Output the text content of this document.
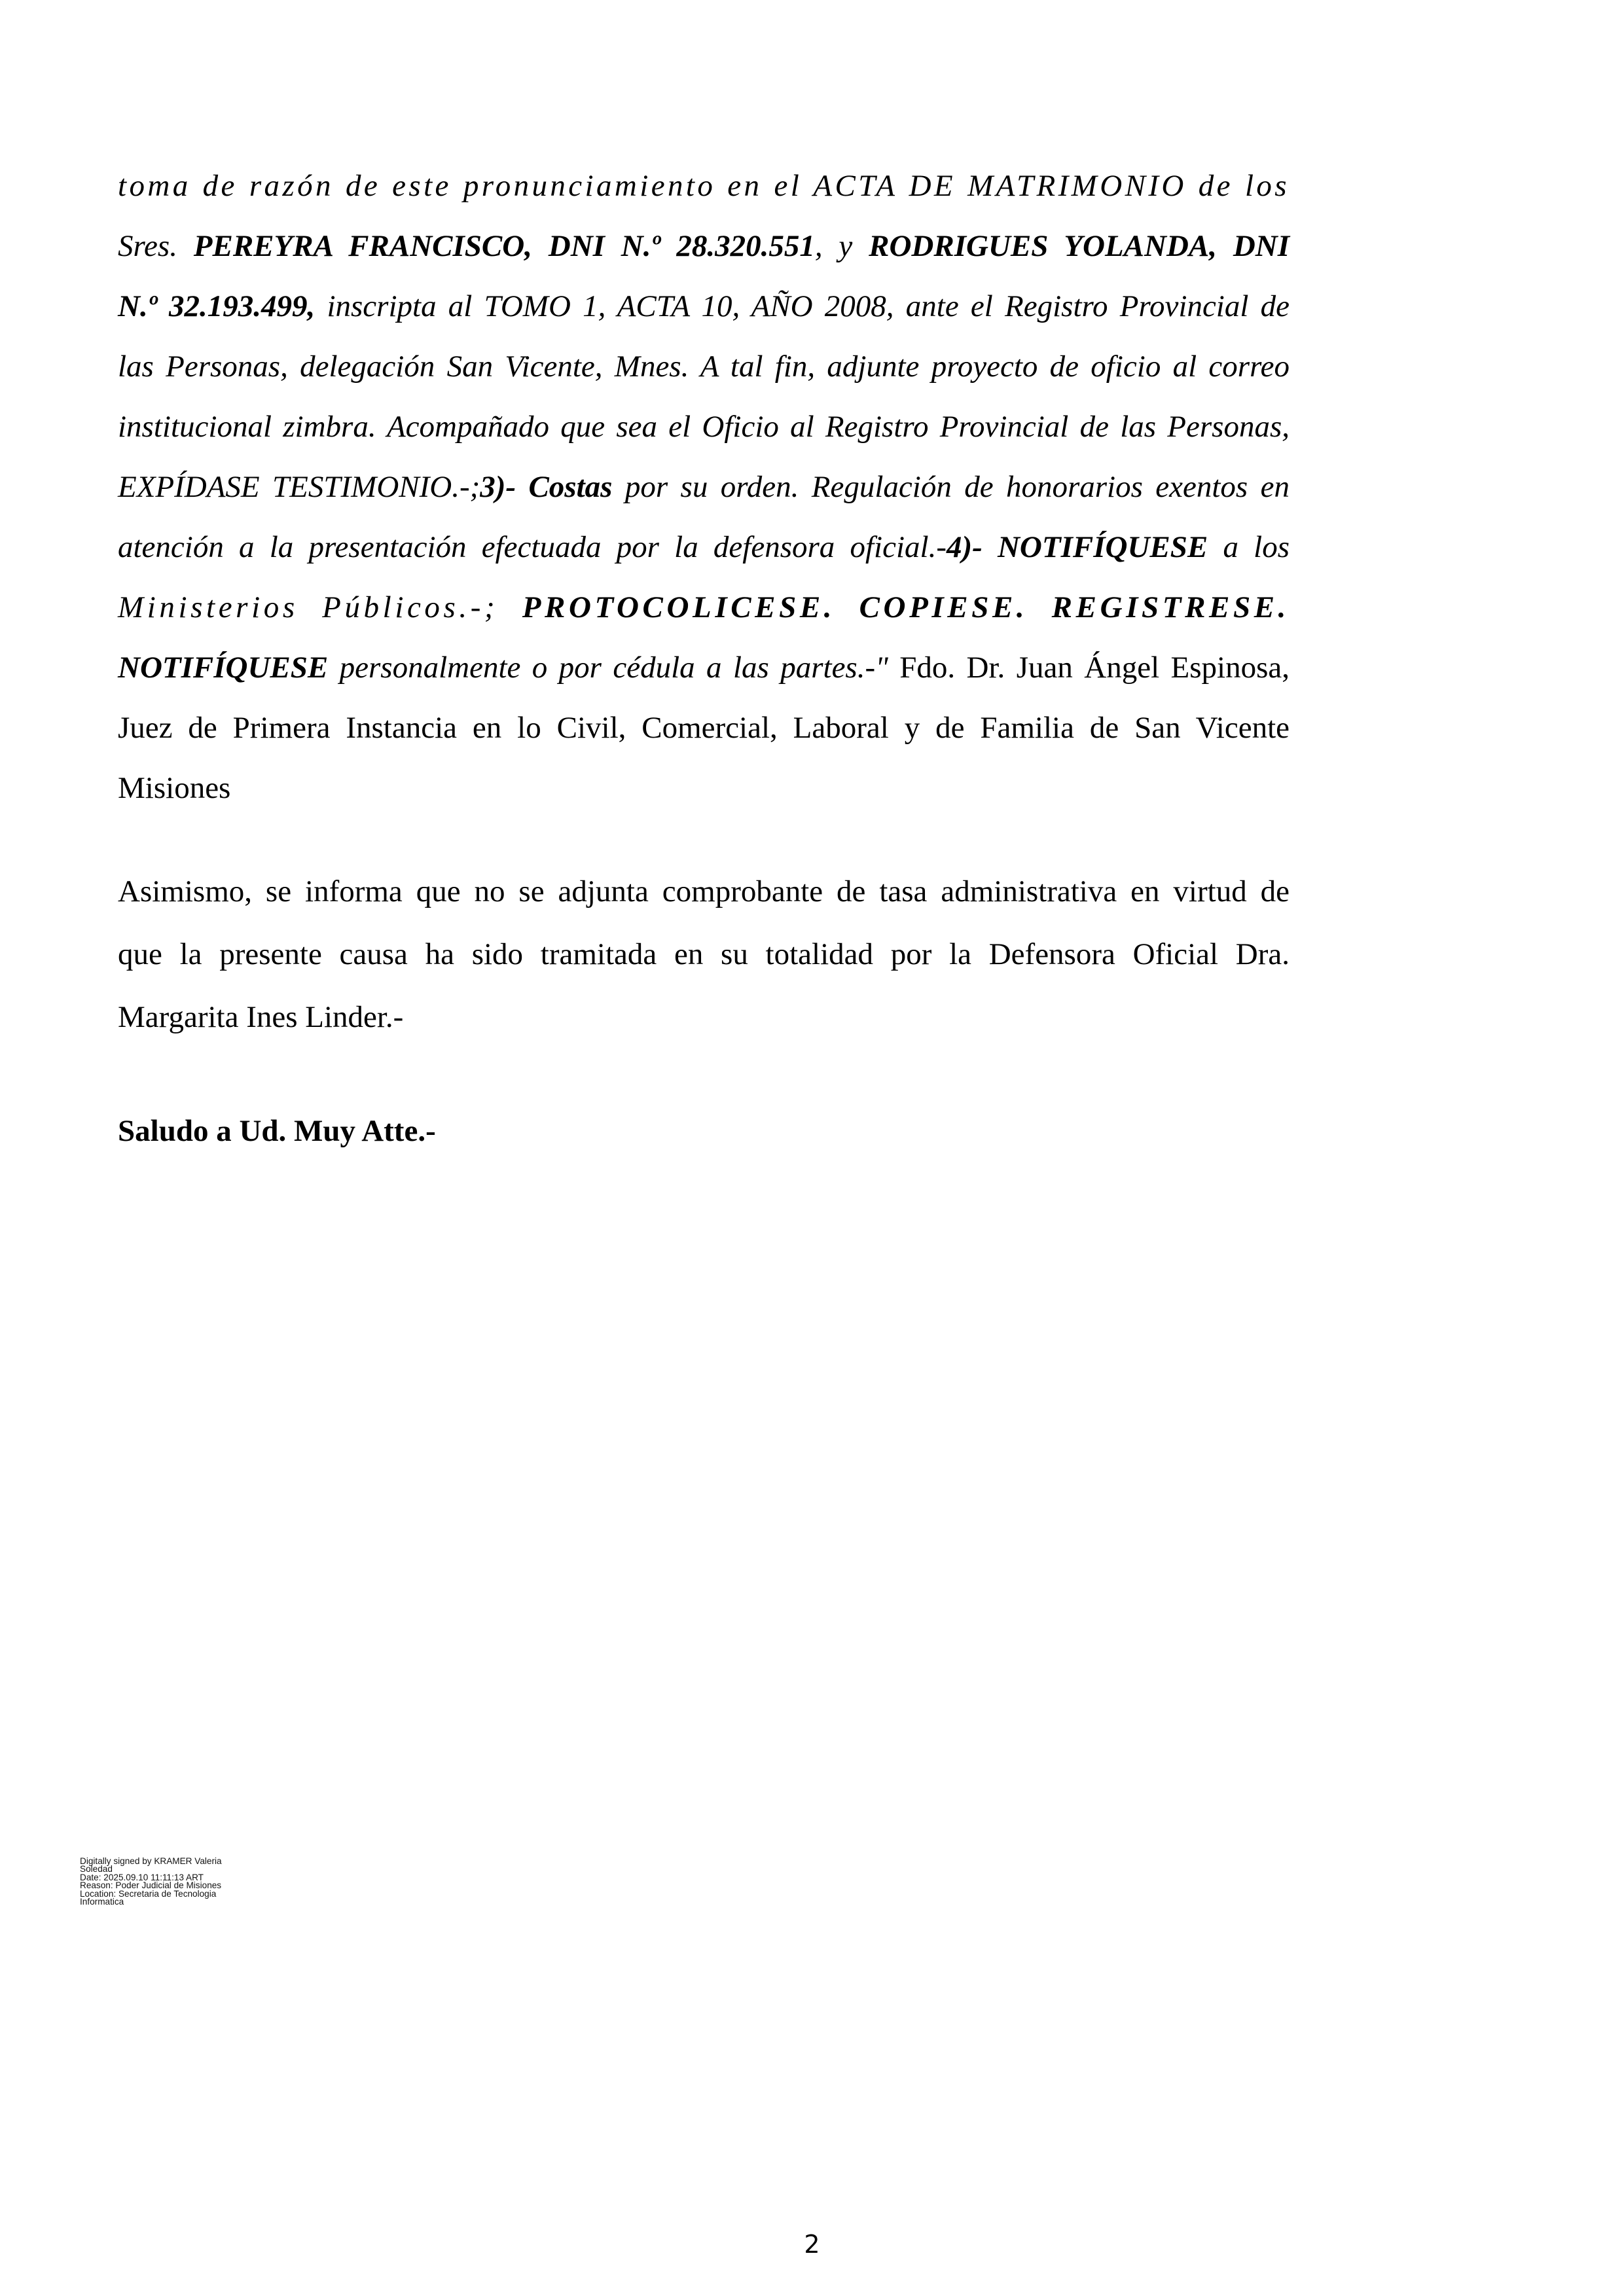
toma de razón de este pronunciamiento en el ACTA DE MATRIMONIO de los
Sres. PEREYRA FRANCISCO, DNI N.º 28.320.551, y RODRIGUES YOLANDA, DNI
N.º 32.193.499, inscripta al TOMO 1, ACTA 10, AÑO 2008, ante el Registro Provincial de
las Personas, delegación San Vicente, Mnes. A tal fin, adjunte proyecto de oficio al correo
institucional zimbra. Acompañado que sea el Oficio al Registro Provincial de las Personas,
EXPÍDASE TESTIMONIO.-;3)- Costas por su orden. Regulación de honorarios exentos en
atención a la presentación efectuada por la defensora oficial.-4)- NOTIFÍQUESE a los
Ministerios Públicos.-; PROTOCOLICESE. COPIESE. REGISTRESE.
NOTIFÍQUESE personalmente o por cédula a las partes.-" Fdo. Dr. Juan Ángel Espinosa,
Juez de Primera Instancia en lo Civil, Comercial, Laboral y de Familia de San Vicente
Misiones
Asimismo, se informa que no se adjunta comprobante de tasa administrativa en virtud de
que la presente causa ha sido tramitada en su totalidad por la Defensora Oficial Dra.
Margarita Ines Linder.-
Saludo a Ud. Muy Atte.-
Digitally signed by KRAMER Valeria
Soledad
Date: 2025.09.10 11:11:13 ART
Reason: Poder Judicial de Misiones
Location: Secretaria de Tecnologia
Informatica
2
